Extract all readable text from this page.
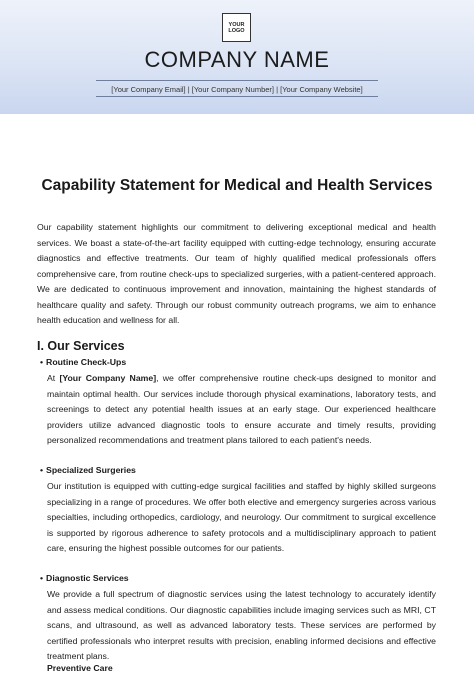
YOUR
LOGO
COMPANY NAME
[Your Company Email] | [Your Company Number] | [Your Company Website]
Capability Statement for Medical and Health Services
Our capability statement highlights our commitment to delivering exceptional medical and health services. We boast a state-of-the-art facility equipped with cutting-edge technology, ensuring accurate diagnostics and effective treatments. Our team of highly qualified medical professionals offers comprehensive care, from routine check-ups to specialized surgeries, with a patient-centered approach. We are dedicated to continuous improvement and innovation, maintaining the highest standards of healthcare quality and safety. Through our robust community outreach programs, we aim to enhance health education and wellness for all.
I. Our Services
• Routine Check-Ups
At [Your Company Name], we offer comprehensive routine check-ups designed to monitor and maintain optimal health. Our services include thorough physical examinations, laboratory tests, and screenings to detect any potential health issues at an early stage. Our experienced healthcare providers utilize advanced diagnostic tools to ensure accurate and timely results, providing personalized recommendations and treatment plans tailored to each patient's needs.
• Specialized Surgeries
Our institution is equipped with cutting-edge surgical facilities and staffed by highly skilled surgeons specializing in a range of procedures. We offer both elective and emergency surgeries across various specialties, including orthopedics, cardiology, and neurology. Our commitment to surgical excellence is supported by rigorous adherence to safety protocols and a multidisciplinary approach to patient care, ensuring the highest possible outcomes for our patients.
• Diagnostic Services
We provide a full spectrum of diagnostic services using the latest technology to accurately identify and assess medical conditions. Our diagnostic capabilities include imaging services such as MRI, CT scans, and ultrasound, as well as advanced laboratory tests. These services are performed by certified professionals who interpret results with precision, enabling informed decisions and effective treatment plans.
Preventive Care
